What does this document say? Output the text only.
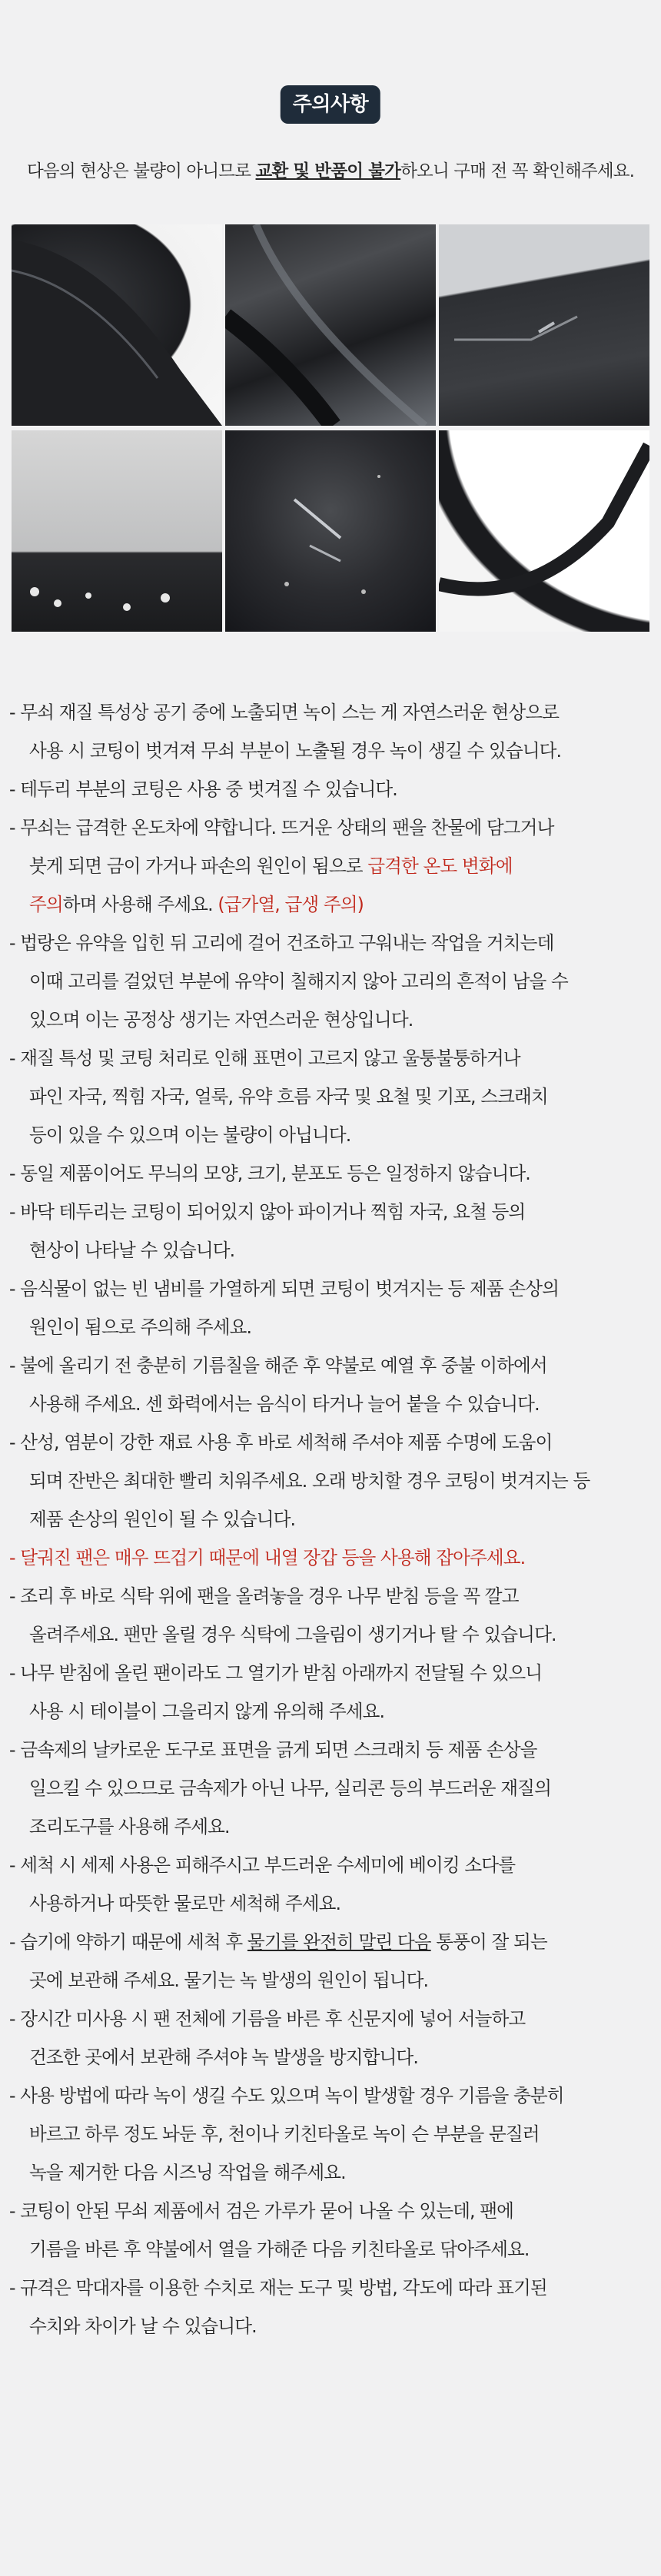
주의사항
다음의 현상은 불량이 아니므로 교환 및 반품이 불가하오니 구매 전 꼭 확인해주세요.
- 무쇠 재질 특성상 공기 중에 노출되면 녹이 스는 게 자연스러운 현상으로
사용 시 코팅이 벗겨져 무쇠 부분이 노출될 경우 녹이 생길 수 있습니다.
- 테두리 부분의 코팅은 사용 중 벗겨질 수 있습니다.
- 무쇠는 급격한 온도차에 약합니다. 뜨거운 상태의 팬을 찬물에 담그거나
붓게 되면 금이 가거나 파손의 원인이 됨으로 급격한 온도 변화에
주의하며 사용해 주세요. (급가열, 급생 주의)
- 법랑은 유약을 입힌 뒤 고리에 걸어 건조하고 구워내는 작업을 거치는데
이때 고리를 걸었던 부분에 유약이 칠해지지 않아 고리의 흔적이 남을 수
있으며 이는 공정상 생기는 자연스러운 현상입니다.
- 재질 특성 및 코팅 처리로 인해 표면이 고르지 않고 울퉁불퉁하거나
파인 자국, 찍힘 자국, 얼룩, 유약 흐름 자국 및 요철 및 기포, 스크래치
등이 있을 수 있으며 이는 불량이 아닙니다.
- 동일 제품이어도 무늬의 모양, 크기, 분포도 등은 일정하지 않습니다.
- 바닥 테두리는 코팅이 되어있지 않아 파이거나 찍힘 자국, 요철 등의
현상이 나타날 수 있습니다.
- 음식물이 없는 빈 냄비를 가열하게 되면 코팅이 벗겨지는 등 제품 손상의
원인이 됨으로 주의해 주세요.
- 불에 올리기 전 충분히 기름칠을 해준 후 약불로 예열 후 중불 이하에서
사용해 주세요. 센 화력에서는 음식이 타거나 늘어 붙을 수 있습니다.
- 산성, 염분이 강한 재료 사용 후 바로 세척해 주셔야 제품 수명에 도움이
되며 잔반은 최대한 빨리 치워주세요. 오래 방치할 경우 코팅이 벗겨지는 등
제품 손상의 원인이 될 수 있습니다.
- 달궈진 팬은 매우 뜨겁기 때문에 내열 장갑 등을 사용해 잡아주세요.
- 조리 후 바로 식탁 위에 팬을 올려놓을 경우 나무 받침 등을 꼭 깔고
올려주세요. 팬만 올릴 경우 식탁에 그을림이 생기거나 탈 수 있습니다.
- 나무 받침에 올린 팬이라도 그 열기가 받침 아래까지 전달될 수 있으니
사용 시 테이블이 그을리지 않게 유의해 주세요.
- 금속제의 날카로운 도구로 표면을 긁게 되면 스크래치 등 제품 손상을
일으킬 수 있으므로 금속제가 아닌 나무, 실리콘 등의 부드러운 재질의
조리도구를 사용해 주세요.
- 세척 시 세제 사용은 피해주시고 부드러운 수세미에 베이킹 소다를
사용하거나 따뜻한 물로만 세척해 주세요.
- 습기에 약하기 때문에 세척 후 물기를 완전히 말린 다음 통풍이 잘 되는
곳에 보관해 주세요. 물기는 녹 발생의 원인이 됩니다.
- 장시간 미사용 시 팬 전체에 기름을 바른 후 신문지에 넣어 서늘하고
건조한 곳에서 보관해 주셔야 녹 발생을 방지합니다.
- 사용 방법에 따라 녹이 생길 수도 있으며 녹이 발생할 경우 기름을 충분히
바르고 하루 정도 놔둔 후, 천이나 키친타올로 녹이 슨 부분을 문질러
녹을 제거한 다음 시즈닝 작업을 해주세요.
- 코팅이 안된 무쇠 제품에서 검은 가루가 묻어 나올 수 있는데, 팬에
기름을 바른 후 약불에서 열을 가해준 다음 키친타올로 닦아주세요.
- 규격은 막대자를 이용한 수치로 재는 도구 및 방법, 각도에 따라 표기된
수치와 차이가 날 수 있습니다.
